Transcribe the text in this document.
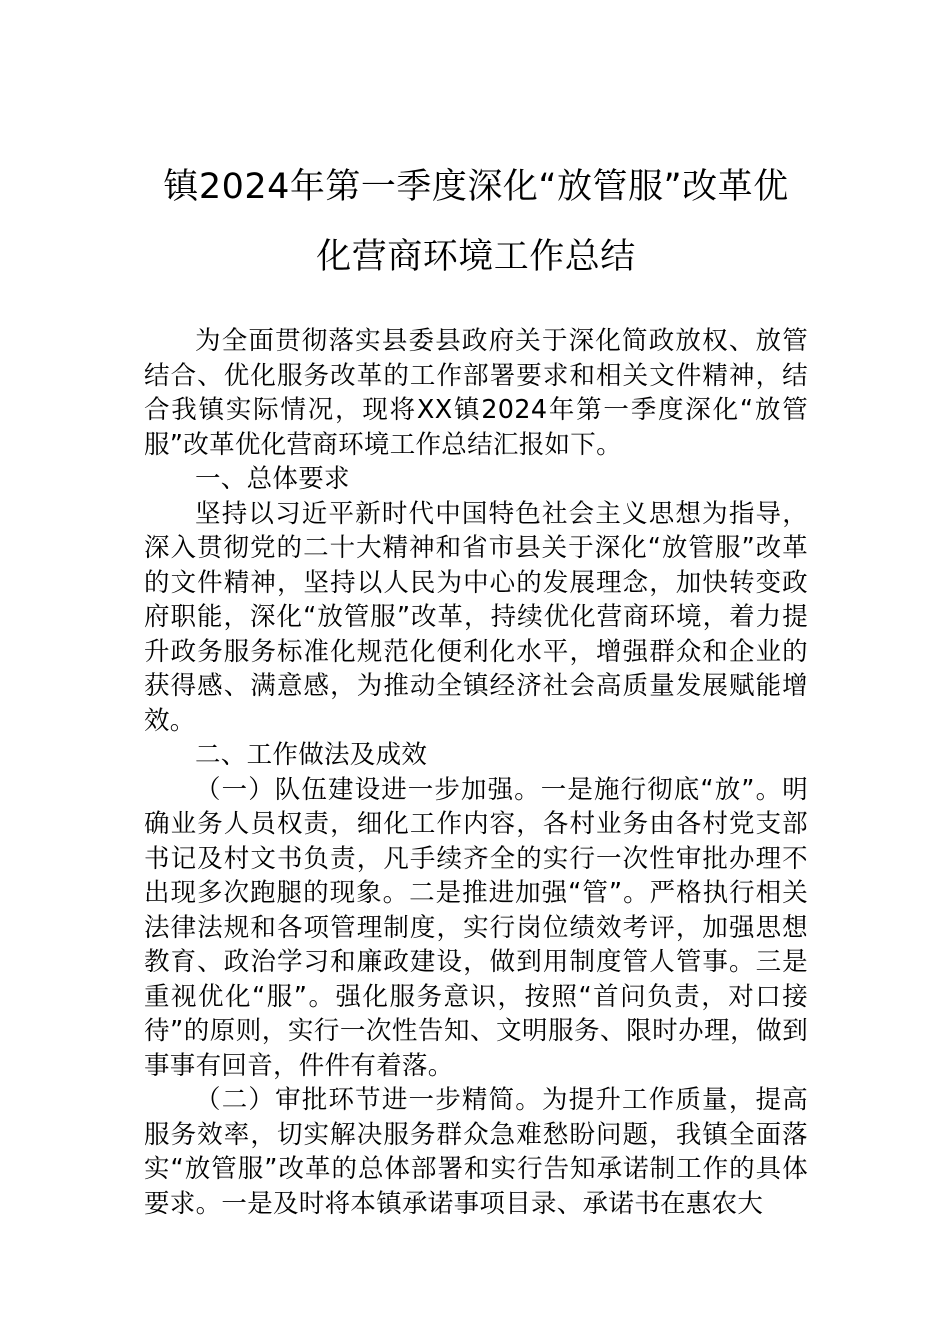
镇2024年第一季度深化“放管服”改革优
化营商环境工作总结

为全面贯彻落实县委县政府关于深化简政放权、放管结合、优化服务改革的工作部署要求和相关文件精神，结合我镇实际情况，现将XX镇2024年第一季度深化“放管服”改革优化营商环境工作总结汇报如下。

一、总体要求

坚持以习近平新时代中国特色社会主义思想为指导，深入贯彻党的二十大精神和省市县关于深化“放管服”改革的文件精神，坚持以人民为中心的发展理念，加快转变政府职能，深化“放管服”改革，持续优化营商环境，着力提升政务服务标准化规范化便利化水平，增强群众和企业的获得感、满意感，为推动全镇经济社会高质量发展赋能增效。

二、工作做法及成效

（一）队伍建设进一步加强。一是施行彻底“放”。明确业务人员权责，细化工作内容，各村业务由各村党支部书记及村文书负责，凡手续齐全的实行一次性审批办理不出现多次跑腿的现象。二是推进加强“管”。严格执行相关法律法规和各项管理制度，实行岗位绩效考评，加强思想教育、政治学习和廉政建设，做到用制度管人管事。三是重视优化“服”。强化服务意识，按照“首问负责，对口接待”的原则，实行一次性告知、文明服务、限时办理，做到事事有回音，件件有着落。

（二）审批环节进一步精简。为提升工作质量，提高服务效率，切实解决服务群众急难愁盼问题，我镇全面落实“放管服”改革的总体部署和实行告知承诺制工作的具体要求。一是及时将本镇承诺事项目录、承诺书在惠农大
